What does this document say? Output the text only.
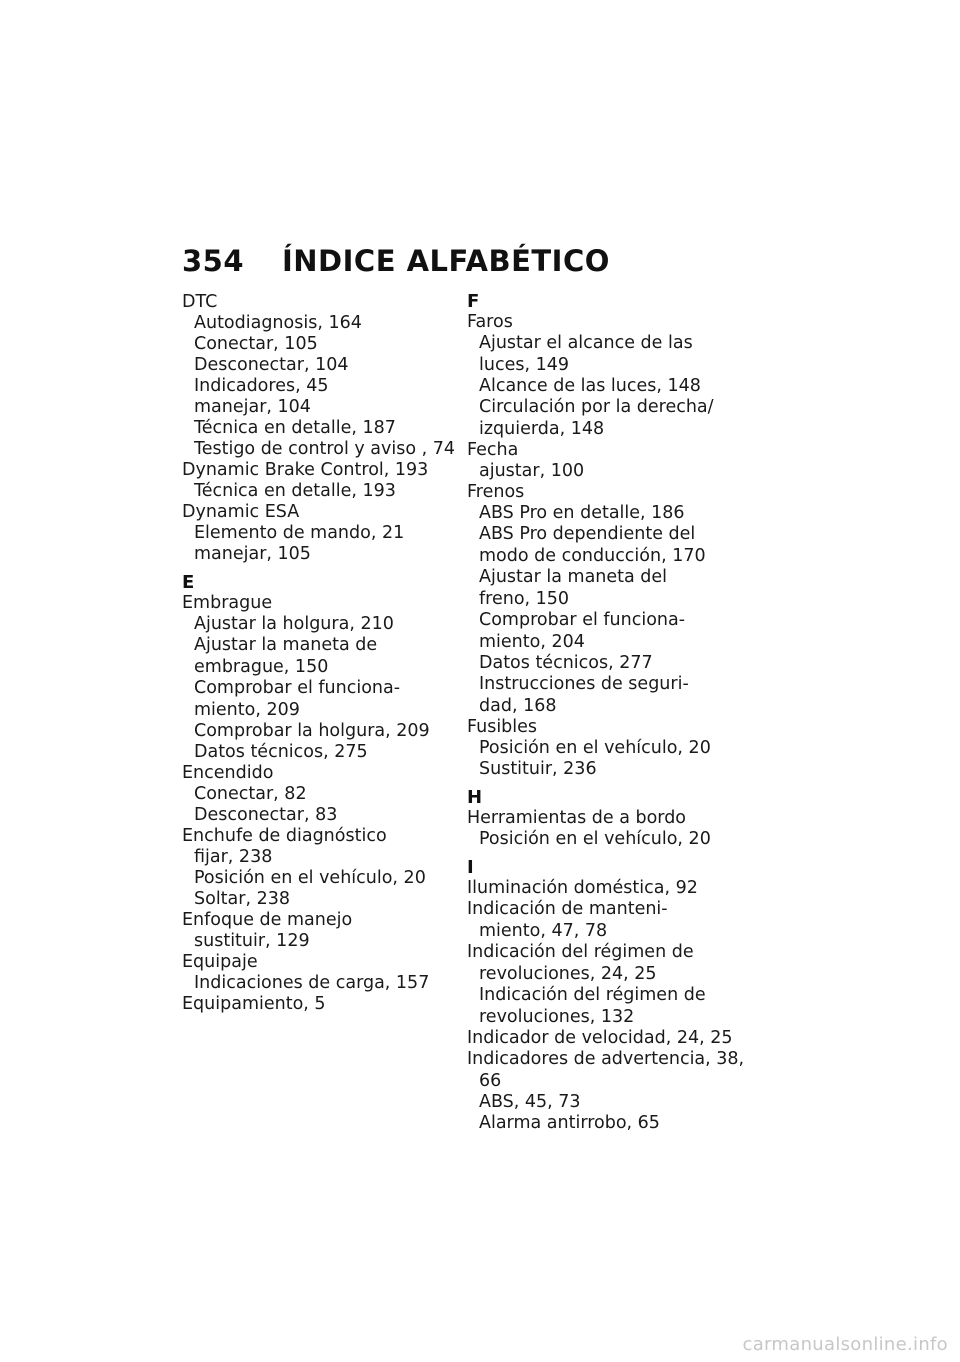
354 ÍNDICE ALFABÉTICO
DTC
Autodiagnosis, 164
Conectar, 105
Desconectar, 104
Indicadores, 45
manejar, 104
Técnica en detalle, 187
Testigo de control y aviso , 74
Dynamic Brake Control, 193
Técnica en detalle, 193
Dynamic ESA
Elemento de mando, 21
manejar, 105
E
Embrague
Ajustar la holgura, 210
Ajustar la maneta de
embrague, 150
Comprobar el funciona-
miento, 209
Comprobar la holgura, 209
Datos técnicos, 275
Encendido
Conectar, 82
Desconectar, 83
Enchufe de diagnóstico
fijar, 238
Posición en el vehículo, 20
Soltar, 238
Enfoque de manejo
sustituir, 129
Equipaje
Indicaciones de carga, 157
Equipamiento, 5
F
Faros
Ajustar el alcance de las
luces, 149
Alcance de las luces, 148
Circulación por la derecha/
izquierda, 148
Fecha
ajustar, 100
Frenos
ABS Pro en detalle, 186
ABS Pro dependiente del
modo de conducción, 170
Ajustar la maneta del
freno, 150
Comprobar el funciona-
miento, 204
Datos técnicos, 277
Instrucciones de seguri-
dad, 168
Fusibles
Posición en el vehículo, 20
Sustituir, 236
H
Herramientas de a bordo
Posición en el vehículo, 20
I
Iluminación doméstica, 92
Indicación de manteni-
miento, 47, 78
Indicación del régimen de
revoluciones, 24, 25
Indicación del régimen de
revoluciones, 132
Indicador de velocidad, 24, 25
Indicadores de advertencia, 38,
66
ABS, 45, 73
Alarma antirrobo, 65
carmanualsonline.info
